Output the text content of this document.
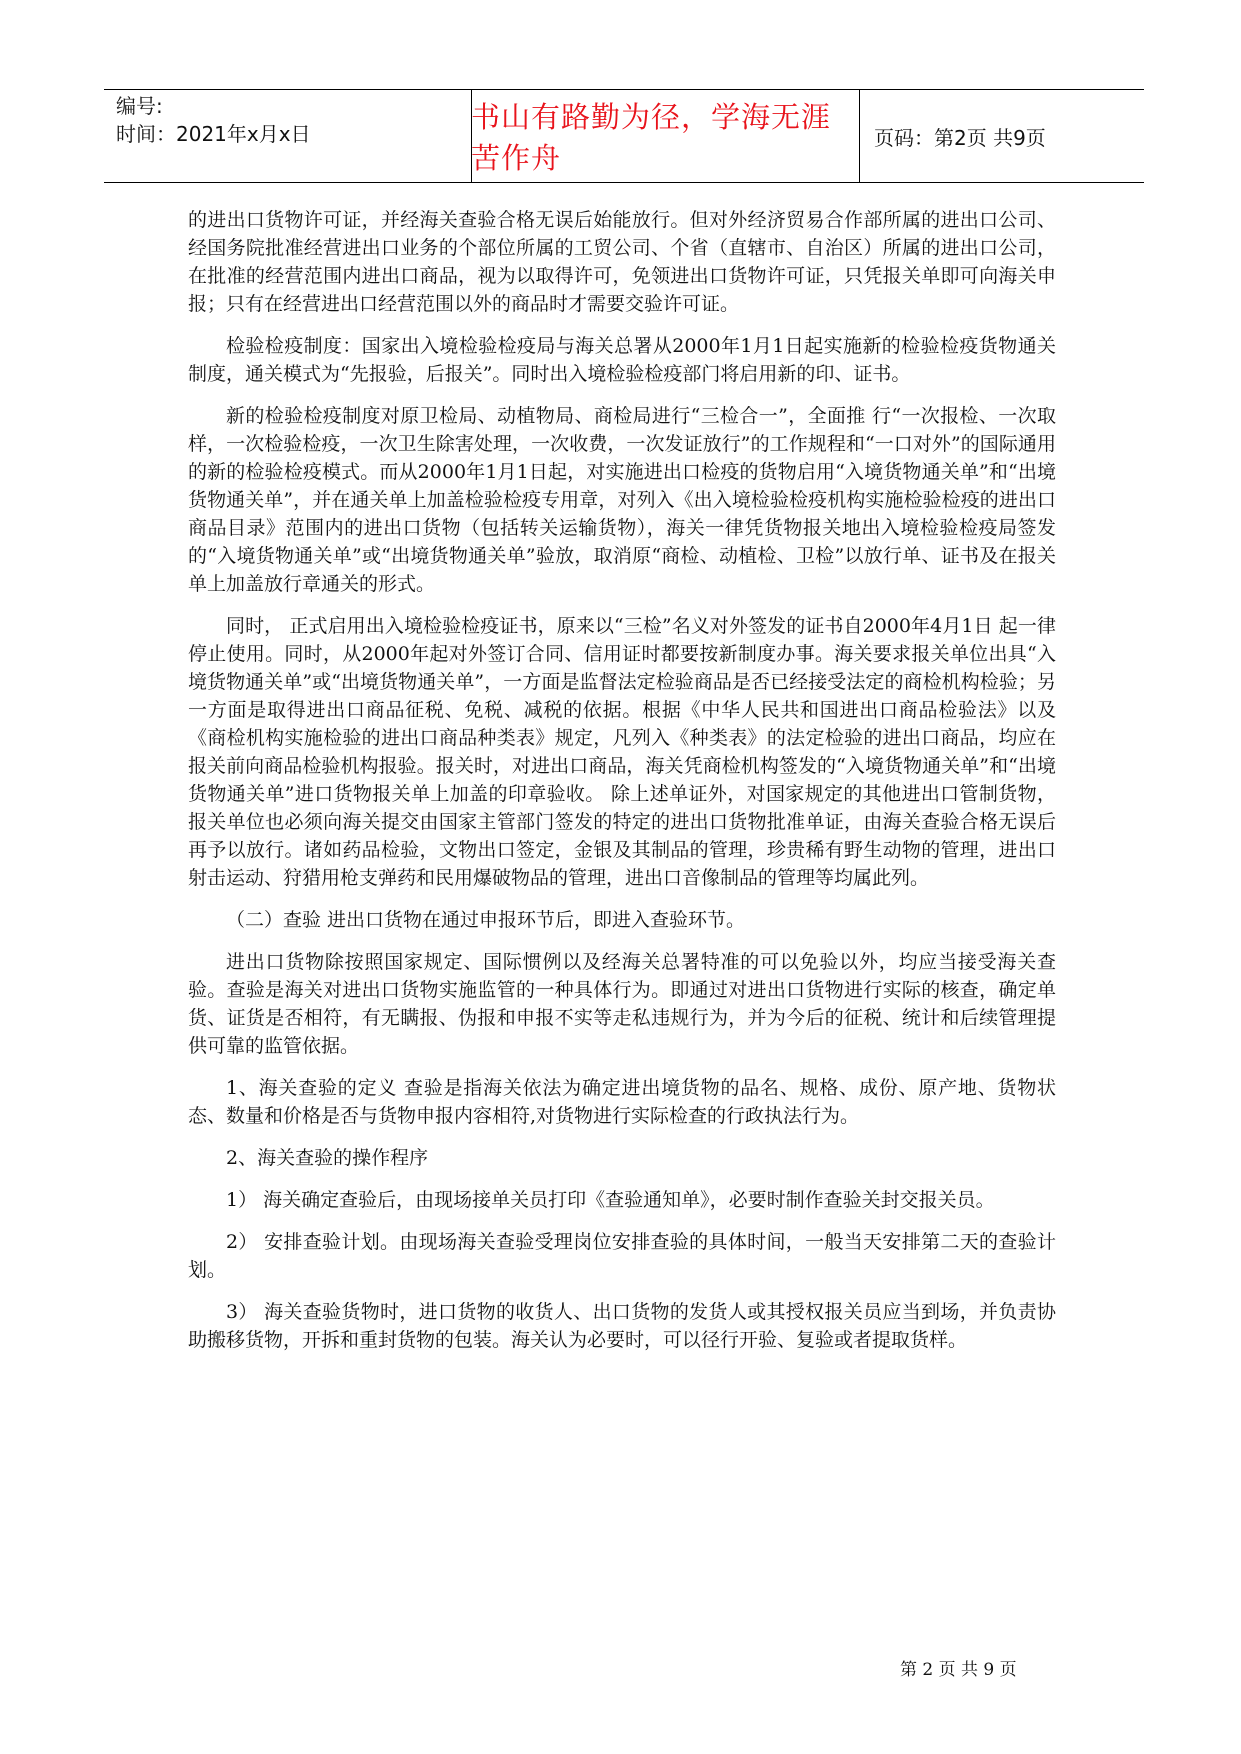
编号:
时间：2021年x月x日	书山有路勤为径，学海无涯苦作舟
页码：第2页 共9页

的进出口货物许可证，并经海关查验合格无误后始能放行。但对外经济贸易合作部所属的进出口公司、经国务院批准经营进出口业务的个部位所属的工贸公司、个省（直辖市、自治区）所属的进出口公司，在批准的经营范围内进出口商品，视为以取得许可，免领进出口货物许可证，只凭报关单即可向海关申报；只有在经营进出口经营范围以外的商品时才需要交验许可证。

检验检疫制度：国家出入境检验检疫局与海关总署从2000年1月1日起实施新的检验检疫货物通关制度，通关模式为“先报验，后报关”。同时出入境检验检疫部门将启用新的印、证书。

新的检验检疫制度对原卫检局、动植物局、商检局进行“三检合一”，全面推 行“一次报检、一次取样，一次检验检疫，一次卫生除害处理，一次收费，一次发证放行”的工作规程和“一口对外”的国际通用的新的检验检疫模式。而从2000年1月1日起，对实施进出口检疫的货物启用“入境货物通关单”和“出境货物通关单”，并在通关单上加盖检验检疫专用章，对列入《出入境检验检疫机构实施检验检疫的进出口商品目录》范围内的进出口货物（包括转关运输货物），海关一律凭货物报关地出入境检验检疫局签发的“入境货物通关单”或“出境货物通关单”验放，取消原“商检、动植检、卫检”以放行单、证书及在报关单上加盖放行章通关的形式。

同时， 正式启用出入境检验检疫证书，原来以“三检”名义对外签发的证书自2000年4月1日 起一律停止使用。同时，从2000年起对外签订合同、信用证时都要按新制度办事。海关要求报关单位出具“入境货物通关单”或“出境货物通关单”，一方面是监督法定检验商品是否已经接受法定的商检机构检验；另一方面是取得进出口商品征税、免税、减税的依据。根据《中华人民共和国进出口商品检验法》以及《商检机构实施检验的进出口商品种类表》规定，凡列入《种类表》的法定检验的进出口商品，均应在报关前向商品检验机构报验。报关时，对进出口商品，海关凭商检机构签发的“入境货物通关单”和“出境货物通关单”进口货物报关单上加盖的印章验收。 除上述单证外，对国家规定的其他进出口管制货物，报关单位也必须向海关提交由国家主管部门签发的特定的进出口货物批准单证，由海关查验合格无误后再予以放行。诸如药品检验，文物出口签定，金银及其制品的管理，珍贵稀有野生动物的管理，进出口射击运动、狩猎用枪支弹药和民用爆破物品的管理，进出口音像制品的管理等均属此列。

（二）查验 进出口货物在通过申报环节后，即进入查验环节。

进出口货物除按照国家规定、国际惯例以及经海关总署特准的可以免验以外，均应当接受海关查验。查验是海关对进出口货物实施监管的一种具体行为。即通过对进出口货物进行实际的核查，确定单货、证货是否相符，有无瞒报、伪报和申报不实等走私违规行为，并为今后的征税、统计和后续管理提供可靠的监管依据。

1、海关查验的定义 查验是指海关依法为确定进出境货物的品名、规格、成份、原产地、货物状态、数量和价格是否与货物申报内容相符,对货物进行实际检查的行政执法行为。

2、海关查验的操作程序

1） 海关确定查验后，由现场接单关员打印《查验通知单》，必要时制作查验关封交报关员。

2） 安排查验计划。由现场海关查验受理岗位安排查验的具体时间，一般当天安排第二天的查验计划。

3） 海关查验货物时，进口货物的收货人、出口货物的发货人或其授权报关员应当到场，并负责协助搬移货物，开拆和重封货物的包装。海关认为必要时，可以径行开验、复验或者提取货样。

第 2 页 共 9 页
